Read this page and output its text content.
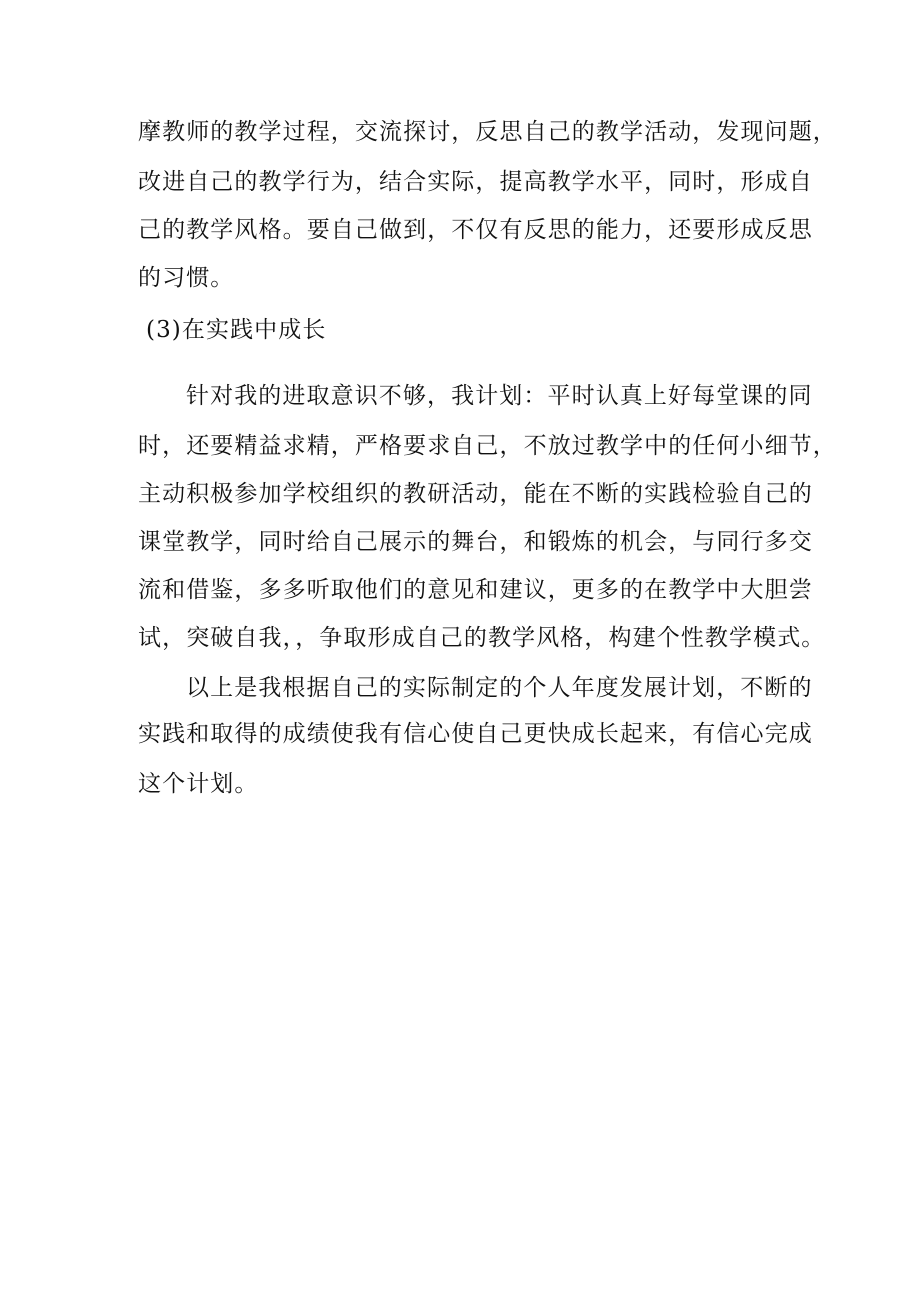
摩教师的教学过程，交流探讨，反思自己的教学活动，发现问题，

改进自己的教学行为，结合实际，提高教学水平，同时，形成自

己的教学风格。要自己做到，不仅有反思的能力，还要形成反思

的习惯。

(3)在实践中成长

针对我的进取意识不够，我计划：平时认真上好每堂课的同

时，还要精益求精，严格要求自己，不放过教学中的任何小细节，

主动积极参加学校组织的教研活动，能在不断的实践检验自己的

课堂教学，同时给自己展示的舞台，和锻炼的机会，与同行多交

流和借鉴，多多听取他们的意见和建议，更多的在教学中大胆尝

试，突破自我，，争取形成自己的教学风格，构建个性教学模式。

以上是我根据自己的实际制定的个人年度发展计划，不断的

实践和取得的成绩使我有信心使自己更快成长起来，有信心完成

这个计划。
